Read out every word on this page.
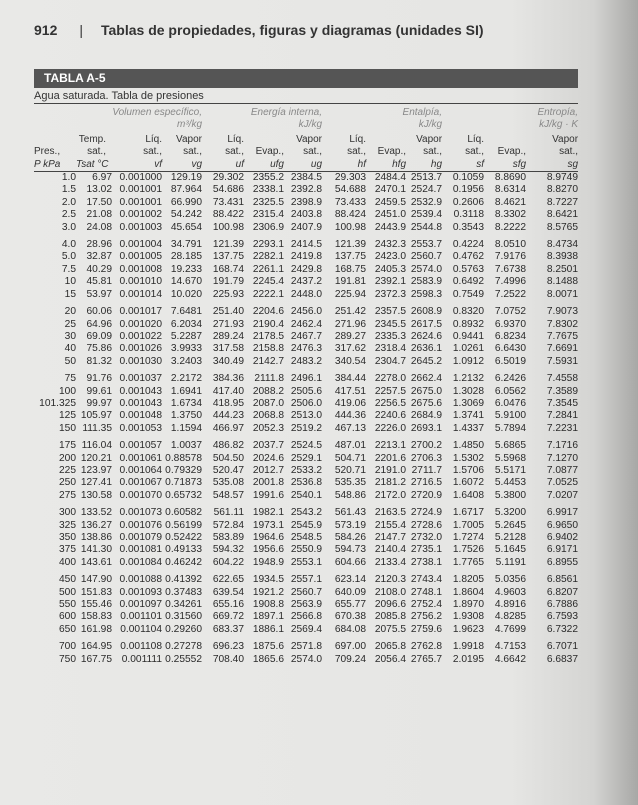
912 | Tablas de propiedades, figuras y diagramas (unidades SI)
TABLA A-5
Agua saturada. Tabla de presiones
		Volumen específico,		Energía interna,			Entalpía,			Entropía,		
		m³/kg		kJ/kg			kJ/kg			kJ/kg · K		
	Temp.	Líq.	Vapor	Líq.		Vapor	Líq.		Vapor	Líq.		Vapor
Pres.,	sat.,	sat.,	sat.,	sat.,	Evap.,	sat.,	sat.,	Evap.,	sat.,	sat.,	Evap.,	sat.,
P kPa	Tsat °C	vf	vg	uf	ufg	ug	hf	hfg	hg	sf	sfg	sg
1.0	6.97	0.001000	129.19	29.302	2355.2	2384.5	29.303	2484.4	2513.7	0.1059	8.8690	8.9749
1.5	13.02	0.001001	87.964	54.686	2338.1	2392.8	54.688	2470.1	2524.7	0.1956	8.6314	8.8270
2.0	17.50	0.001001	66.990	73.431	2325.5	2398.9	73.433	2459.5	2532.9	0.2606	8.4621	8.7227
2.5	21.08	0.001002	54.242	88.422	2315.4	2403.8	88.424	2451.0	2539.4	0.3118	8.3302	8.6421
3.0	24.08	0.001003	45.654	100.98	2306.9	2407.9	100.98	2443.9	2544.8	0.3543	8.2222	8.5765

4.0	28.96	0.001004	34.791	121.39	2293.1	2414.5	121.39	2432.3	2553.7	0.4224	8.0510	8.4734
5.0	32.87	0.001005	28.185	137.75	2282.1	2419.8	137.75	2423.0	2560.7	0.4762	7.9176	8.3938
7.5	40.29	0.001008	19.233	168.74	2261.1	2429.8	168.75	2405.3	2574.0	0.5763	7.6738	8.2501
10	45.81	0.001010	14.670	191.79	2245.4	2437.2	191.81	2392.1	2583.9	0.6492	7.4996	8.1488
15	53.97	0.001014	10.020	225.93	2222.1	2448.0	225.94	2372.3	2598.3	0.7549	7.2522	8.0071

20	60.06	0.001017	7.6481	251.40	2204.6	2456.0	251.42	2357.5	2608.9	0.8320	7.0752	7.9073
25	64.96	0.001020	6.2034	271.93	2190.4	2462.4	271.96	2345.5	2617.5	0.8932	6.9370	7.8302
30	69.09	0.001022	5.2287	289.24	2178.5	2467.7	289.27	2335.3	2624.6	0.9441	6.8234	7.7675
40	75.86	0.001026	3.9933	317.58	2158.8	2476.3	317.62	2318.4	2636.1	1.0261	6.6430	7.6691
50	81.32	0.001030	3.2403	340.49	2142.7	2483.2	340.54	2304.7	2645.2	1.0912	6.5019	7.5931

75	91.76	0.001037	2.2172	384.36	2111.8	2496.1	384.44	2278.0	2662.4	1.2132	6.2426	7.4558
100	99.61	0.001043	1.6941	417.40	2088.2	2505.6	417.51	2257.5	2675.0	1.3028	6.0562	7.3589
101.325	99.97	0.001043	1.6734	418.95	2087.0	2506.0	419.06	2256.5	2675.6	1.3069	6.0476	7.3545
125	105.97	0.001048	1.3750	444.23	2068.8	2513.0	444.36	2240.6	2684.9	1.3741	5.9100	7.2841
150	111.35	0.001053	1.1594	466.97	2052.3	2519.2	467.13	2226.0	2693.1	1.4337	5.7894	7.2231

175	116.04	0.001057	1.0037	486.82	2037.7	2524.5	487.01	2213.1	2700.2	1.4850	5.6865	7.1716
200	120.21	0.001061	0.88578	504.50	2024.6	2529.1	504.71	2201.6	2706.3	1.5302	5.5968	7.1270
225	123.97	0.001064	0.79329	520.47	2012.7	2533.2	520.71	2191.0	2711.7	1.5706	5.5171	7.0877
250	127.41	0.001067	0.71873	535.08	2001.8	2536.8	535.35	2181.2	2716.5	1.6072	5.4453	7.0525
275	130.58	0.001070	0.65732	548.57	1991.6	2540.1	548.86	2172.0	2720.9	1.6408	5.3800	7.0207

300	133.52	0.001073	0.60582	561.11	1982.1	2543.2	561.43	2163.5	2724.9	1.6717	5.3200	6.9917
325	136.27	0.001076	0.56199	572.84	1973.1	2545.9	573.19	2155.4	2728.6	1.7005	5.2645	6.9650
350	138.86	0.001079	0.52422	583.89	1964.6	2548.5	584.26	2147.7	2732.0	1.7274	5.2128	6.9402
375	141.30	0.001081	0.49133	594.32	1956.6	2550.9	594.73	2140.4	2735.1	1.7526	5.1645	6.9171
400	143.61	0.001084	0.46242	604.22	1948.9	2553.1	604.66	2133.4	2738.1	1.7765	5.1191	6.8955

450	147.90	0.001088	0.41392	622.65	1934.5	2557.1	623.14	2120.3	2743.4	1.8205	5.0356	6.8561
500	151.83	0.001093	0.37483	639.54	1921.2	2560.7	640.09	2108.0	2748.1	1.8604	4.9603	6.8207
550	155.46	0.001097	0.34261	655.16	1908.8	2563.9	655.77	2096.6	2752.4	1.8970	4.8916	6.7886
600	158.83	0.001101	0.31560	669.72	1897.1	2566.8	670.38	2085.8	2756.2	1.9308	4.8285	6.7593
650	161.98	0.001104	0.29260	683.37	1886.1	2569.4	684.08	2075.5	2759.6	1.9623	4.7699	6.7322

700	164.95	0.001108	0.27278	696.23	1875.6	2571.8	697.00	2065.8	2762.8	1.9918	4.7153	6.7071
750	167.75	0.001111	0.25552	708.40	1865.6	2574.0	709.24	2056.4	2765.7	2.0195	4.6642	6.6837
